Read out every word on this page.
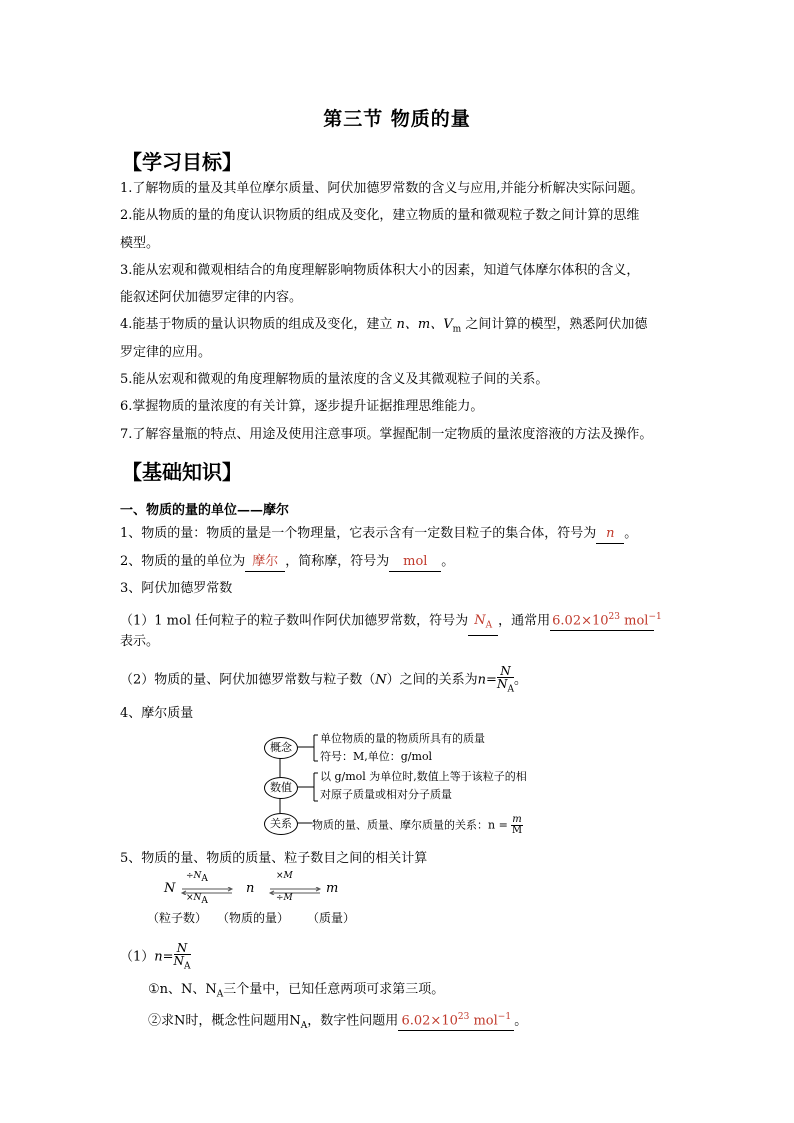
第三节 物质的量
【学习目标】
1.了解物质的量及其单位摩尔质量、阿伏加德罗常数的含义与应用,并能分析解决实际问题。
2.能从物质的量的角度认识物质的组成及变化，建立物质的量和微观粒子数之间计算的思维
模型。
3.能从宏观和微观相结合的角度理解影响物质体积大小的因素，知道气体摩尔体积的含义，
能叙述阿伏加德罗定律的内容。
4.能基于物质的量认识物质的组成及变化，建立 n、m、$V_m$ 之间计算的模型，熟悉阿伏加德
罗定律的应用。
5.能从宏观和微观的角度理解物质的量浓度的含义及其微观粒子间的关系。
6.掌握物质的量浓度的有关计算，逐步提升证据推理思维能力。
7.了解容量瓶的特点、用途及使用注意事项。掌握配制一定物质的量浓度溶液的方法及操作。
【基础知识】
一、物质的量的单位——摩尔
1、物质的量：物质的量是一个物理量，它表示含有一定数目粒子的集合体，符号为 n 。
2、物质的量的单位为 摩尔 ，简称摩，符号为 mol 。
3、阿伏加德罗常数
（1）1 mol 任何粒子的粒子数叫作阿伏加德罗常数，符号为 $N_A$ ，通常用 $6.02\times 10^{23}$ mol$^{-1}$
表示。
（2）物质的量、阿伏加德罗常数与粒子数（N）之间的关系为$n= \frac{N}{N_A}$ 。
4、摩尔质量
概念
单位物质的量的物质所具有的质量
符号：M,单位：g/mol
数值
以 g/mol 为单位时,数值上等于该粒子的相
对原子质量或相对分子质量
关系	物质的量、质量、摩尔质量的关系：$n = \frac{m}{M}$
5、物质的量、物质的质量、粒子数目之间的相关计算
N
$\div N_A$
$\times N_A$
n
×M
÷M
m
（粒子数） （物质的量） （质量）
$(1)n= \frac{N}{N_A}$
①n、N、$N_A$三个量中，已知任意两项可求第三项。
②求N时，概念性问题用$N_A$，数字性问题用 $6.02\times 10^{23}$ mol$^{-1}$ 。
